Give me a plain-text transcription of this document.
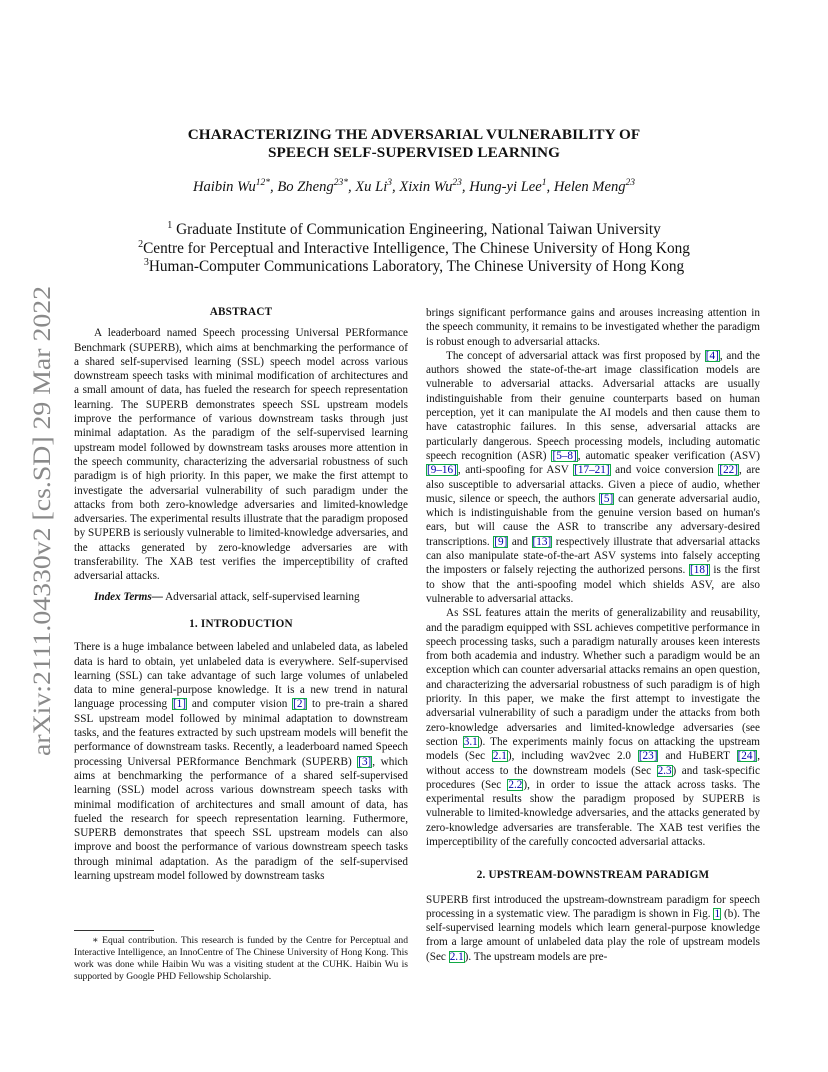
arXiv:2111.04330v2 [cs.SD] 29 Mar 2022
CHARACTERIZING THE ADVERSARIAL VULNERABILITY OF
SPEECH SELF-SUPERVISED LEARNING
Haibin $Wu^{12*}$, Bo Zheng$^{23*}$, Xu Li$^3$, Xixin Wu$^{23}$, Hung-yi Lee$^1$, Helen Meng$^{23}$
$^1$ Graduate Institute of Communication Engineering, National Taiwan University
$^2$Centre for Perceptual and Interactive Intelligence, The Chinese University of Hong Kong
$^3$Human-Computer Communications Laboratory, The Chinese University of Hong Kong
ABSTRACT

A leaderboard named Speech processing Universal PERformance Benchmark (SUPERB), which aims at benchmarking the performance of a shared self-supervised learning (SSL) speech model across various downstream speech tasks with minimal modification of architectures and a small amount of data, has fueled the research for speech representation learning. The SUPERB demonstrates speech SSL upstream models improve the performance of various downstream tasks through just minimal adaptation. As the paradigm of the self-supervised learning upstream model followed by downstream tasks arouses more attention in the speech community, characterizing the adversarial robustness of such paradigm is of high priority. In this paper, we make the first attempt to investigate the adversarial vulnerability of such paradigm under the attacks from both zero-knowledge adversaries and limited-knowledge adversaries. The experimental results illustrate that the paradigm proposed by SUPERB is seriously vulnerable to limited-knowledge adversaries, and the attacks generated by zero-knowledge adversaries are with transferability. The XAB test verifies the imperceptibility of crafted adversarial attacks.

Index Terms— Adversarial attack, self-supervised learning

1. INTRODUCTION

There is a huge imbalance between labeled and unlabeled data, as labeled data is hard to obtain, yet unlabeled data is everywhere. Self-supervised learning (SSL) can take advantage of such large volumes of unlabeled data to mine general-purpose knowledge. It is a new trend in natural language processing [1] and computer vision [2] to pre-train a shared SSL upstream model followed by minimal adaptation to downstream tasks, and the features extracted by such upstream models will benefit the performance of downstream tasks. Recently, a leaderboard named Speech processing Universal PERformance Benchmark (SUPERB) [3], which aims at benchmarking the performance of a shared self-supervised learning (SSL) model across various downstream speech tasks with minimal modification of architectures and small amount of data, has fueled the research for speech representation learning. Futhermore, SUPERB demonstrates that speech SSL upstream models can also improve and boost the performance of various downstream speech tasks through minimal adaptation. As the paradigm of the self-supervised learning upstream model followed by downstream tasks

∗ Equal contribution. This research is funded by the Centre for Perceptual and Interactive Intelligence, an InnoCentre of The Chinese University of Hong Kong. This work was done while Haibin Wu was a visiting student at the CUHK. Haibin Wu is supported by Google PHD Fellowship Scholarship.

brings significant performance gains and arouses increasing attention in the speech community, it remains to be investigated whether the paradigm is robust enough to adversarial attacks.

The concept of adversarial attack was first proposed by [4], and the authors showed the state-of-the-art image classification models are vulnerable to adversarial attacks. Adversarial attacks are usually indistinguishable from their genuine counterparts based on human perception, yet it can manipulate the AI models and then cause them to have catastrophic failures. In this sense, adversarial attacks are particularly dangerous. Speech processing models, including automatic speech recognition (ASR) [5–8], automatic speaker verification (ASV) [9–16], anti-spoofing for ASV [17–21] and voice conversion [22], are also susceptible to adversarial attacks. Given a piece of audio, whether music, silence or speech, the authors [5] can generate adversarial audio, which is indistinguishable from the genuine version based on human's ears, but will cause the ASR to transcribe any adversary-desired transcriptions. [9] and [13] respectively illustrate that adversarial attacks can also manipulate state-of-the-art ASV systems into falsely accepting the imposters or falsely rejecting the authorized persons. [18] is the first to show that the anti-spoofing model which shields ASV, are also vulnerable to adversarial attacks.

As SSL features attain the merits of generalizability and reusability, and the paradigm equipped with SSL achieves competitive performance in speech processing tasks, such a paradigm naturally arouses keen interests from both academia and industry. Whether such a paradigm would be an exception which can counter adversarial attacks remains an open question, and characterizing the adversarial robustness of such paradigm is of high priority. In this paper, we make the first attempt to investigate the adversarial vulnerability of such a paradigm under the attacks from both zero-knowledge adversaries and limited-knowledge adversaries (see section 3.1). The experiments mainly focus on attacking the upstream models (Sec 2.1), including wav2vec 2.0 [23] and HuBERT [24], without access to the downstream models (Sec 2.3) and task-specific procedures (Sec 2.2), in order to issue the attack across tasks. The experimental results show the paradigm proposed by SUPERB is vulnerable to limited-knowledge adversaries, and the attacks generated by zero-knowledge adversaries are transferable. The XAB test verifies the imperceptibility of the carefully concocted adversarial attacks.

2. UPSTREAM-DOWNSTREAM PARADIGM

SUPERB first introduced the upstream-downstream paradigm for speech processing in a systematic view. The paradigm is shown in Fig. 1 (b). The self-supervised learning models which learn general-purpose knowledge from a large amount of unlabeled data play the role of upstream models (Sec 2.1). The upstream models are pre-
